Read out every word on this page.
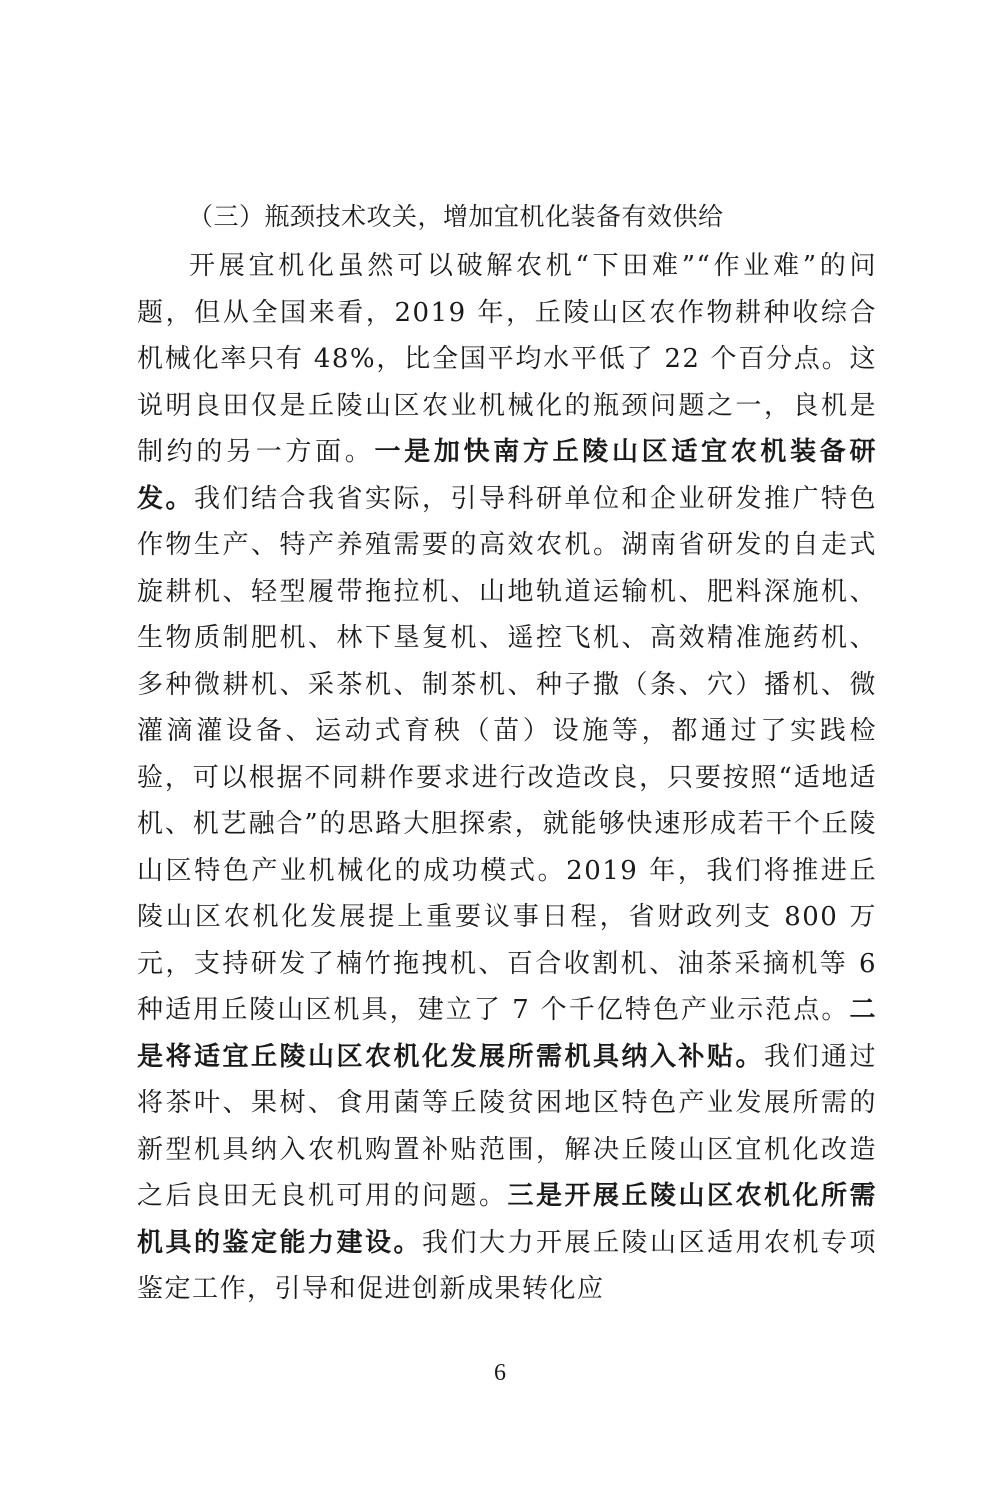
（三）瓶颈技术攻关，增加宜机化装备有效供给

开展宜机化虽然可以破解农机“下田难”“作业难”的问题，但从全国来看，2019 年，丘陵山区农作物耕种收综合机械化率只有 48%，比全国平均水平低了 22 个百分点。这说明良田仅是丘陵山区农业机械化的瓶颈问题之一，良机是制约的另一方面。一是加快南方丘陵山区适宜农机装备研发。我们结合我省实际，引导科研单位和企业研发推广特色作物生产、特产养殖需要的高效农机。湖南省研发的自走式旋耕机、轻型履带拖拉机、山地轨道运输机、肥料深施机、生物质制肥机、林下垦复机、遥控飞机、高效精准施药机、多种微耕机、采茶机、制茶机、种子撒（条、穴）播机、微灌滴灌设备、运动式育秧（苗）设施等，都通过了实践检验，可以根据不同耕作要求进行改造改良，只要按照“适地适机、机艺融合”的思路大胆探索，就能够快速形成若干个丘陵山区特色产业机械化的成功模式。2019 年，我们将推进丘陵山区农机化发展提上重要议事日程，省财政列支 800 万元，支持研发了楠竹拖拽机、百合收割机、油茶采摘机等 6 种适用丘陵山区机具，建立了 7 个千亿特色产业示范点。二是将适宜丘陵山区农机化发展所需机具纳入补贴。我们通过将茶叶、果树、食用菌等丘陵贫困地区特色产业发展所需的新型机具纳入农机购置补贴范围，解决丘陵山区宜机化改造之后良田无良机可用的问题。三是开展丘陵山区农机化所需机具的鉴定能力建设。我们大力开展丘陵山区适用农机专项鉴定工作，引导和促进创新成果转化应

6
